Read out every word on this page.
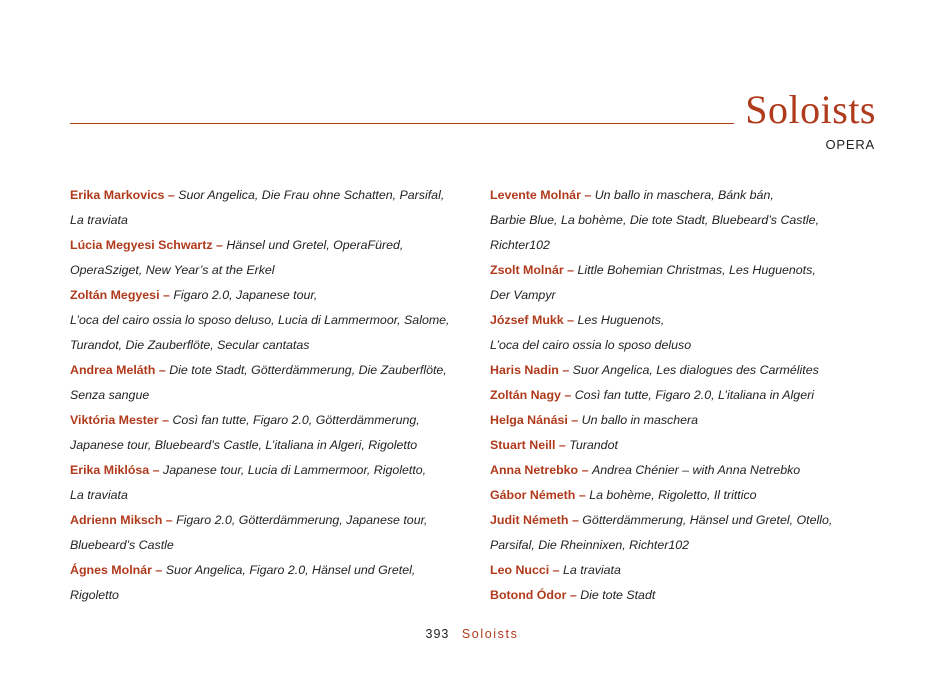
Soloists
OPERA

Erika Markovics – Suor Angelica, Die Frau ohne Schatten, Parsifal,
La traviata

Lúcia Megyesi Schwartz – Hänsel und Gretel, OperaFüred,
OperaSziget, New Year’s at the Erkel

Zoltán Megyesi – Figaro 2.0, Japanese tour,
L’oca del cairo ossia lo sposo deluso, Lucia di Lammermoor, Salome,
Turandot, Die Zauberflöte, Secular cantatas

Andrea Meláth – Die tote Stadt, Götterdämmerung, Die Zauberflöte,
Senza sangue

Viktória Mester – Così fan tutte, Figaro 2.0, Götterdämmerung,
Japanese tour, Bluebeard’s Castle, L’italiana in Algeri, Rigoletto

Erika Miklósa – Japanese tour, Lucia di Lammermoor, Rigoletto,
La traviata

Adrienn Miksch – Figaro 2.0, Götterdämmerung, Japanese tour,
Bluebeard’s Castle

Ágnes Molnár – Suor Angelica, Figaro 2.0, Hänsel und Gretel,
Rigoletto

Levente Molnár – Un ballo in maschera, Bánk bán,
Barbie Blue, La bohème, Die tote Stadt, Bluebeard’s Castle,
Richter102

Zsolt Molnár – Little Bohemian Christmas, Les Huguenots,
Der Vampyr

József Mukk – Les Huguenots,
L’oca del cairo ossia lo sposo deluso

Haris Nadin – Suor Angelica, Les dialogues des Carmélites

Zoltán Nagy – Così fan tutte, Figaro 2.0, L’italiana in Algeri

Helga Nánási – Un ballo in maschera

Stuart Neill – Turandot

Anna Netrebko – Andrea Chénier – with Anna Netrebko

Gábor Németh – La bohème, Rigoletto, Il trittico

Judit Németh – Götterdämmerung, Hänsel und Gretel, Otello,
Parsifal, Die Rheinnixen, Richter102

Leo Nucci – La traviata

Botond Ódor – Die tote Stadt

393 Soloists
